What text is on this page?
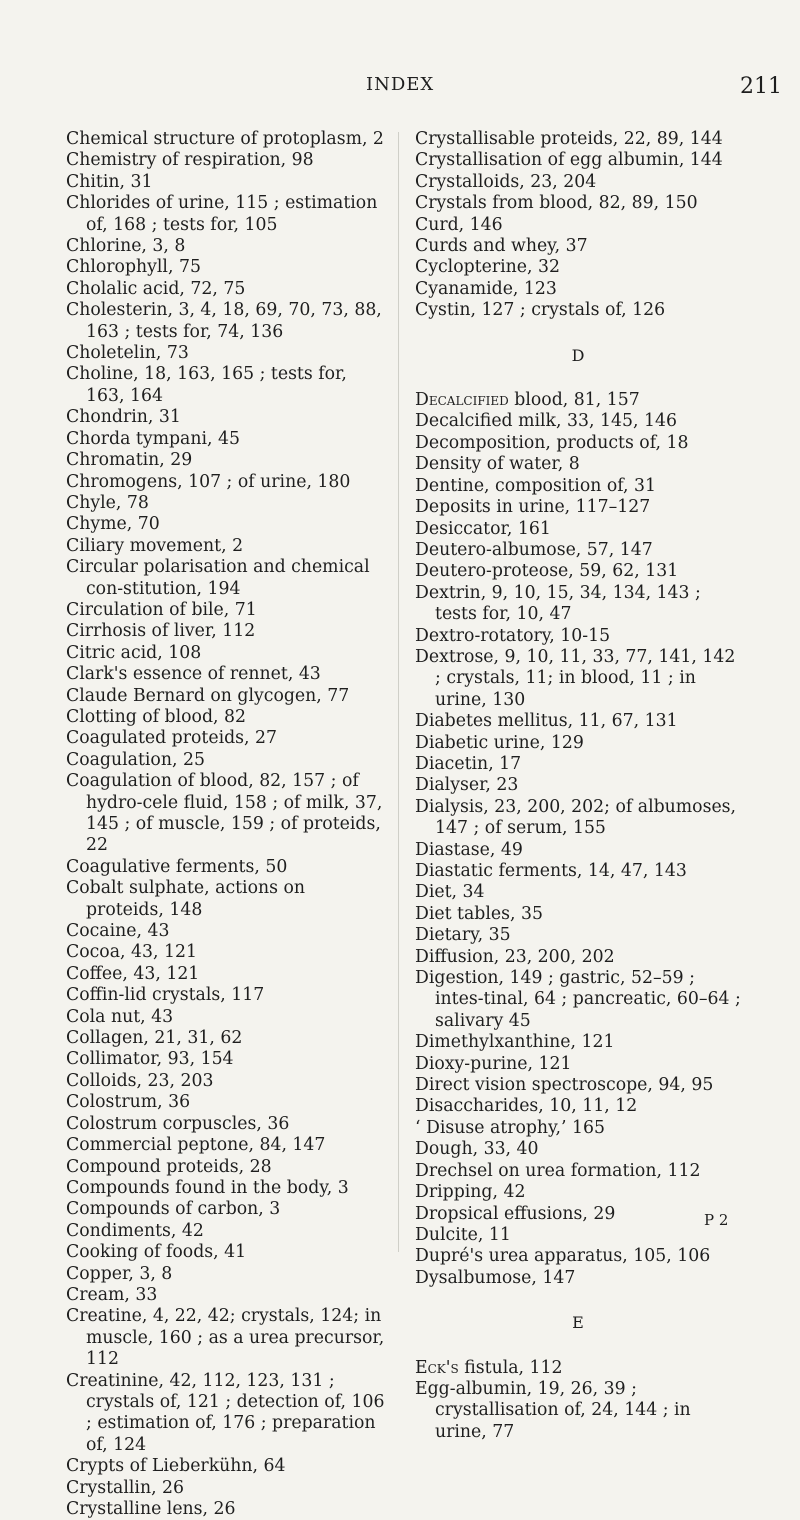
INDEX	211
Chemical structure of protoplasm, 2
Chemistry of respiration, 98
Chitin, 31
Chlorides of urine, 115 ; estimation of, 168 ; tests for, 105
Chlorine, 3, 8
Chlorophyll, 75
Cholalic acid, 72, 75
Cholesterin, 3, 4, 18, 69, 70, 73, 88, 163 ; tests for, 74, 136
Choletelin, 73
Choline, 18, 163, 165 ; tests for, 163, 164
Chondrin, 31
Chorda tympani, 45
Chromatin, 29
Chromogens, 107 ; of urine, 180
Chyle, 78
Chyme, 70
Ciliary movement, 2
Circular polarisation and chemical con-stitution, 194
Circulation of bile, 71
Cirrhosis of liver, 112
Citric acid, 108
Clark's essence of rennet, 43
Claude Bernard on glycogen, 77
Clotting of blood, 82
Coagulated proteids, 27
Coagulation, 25
Coagulation of blood, 82, 157 ; of hydro-cele fluid, 158 ; of milk, 37, 145 ; of muscle, 159 ; of proteids, 22
Coagulative ferments, 50
Cobalt sulphate, actions on proteids, 148
Cocaine, 43
Cocoa, 43, 121
Coffee, 43, 121
Coffin-lid crystals, 117
Cola nut, 43
Collagen, 21, 31, 62
Collimator, 93, 154
Colloids, 23, 203
Colostrum, 36
Colostrum corpuscles, 36
Commercial peptone, 84, 147
Compound proteids, 28
Compounds found in the body, 3
Compounds of carbon, 3
Condiments, 42
Cooking of foods, 41
Copper, 3, 8
Cream, 33
Creatine, 4, 22, 42; crystals, 124; in muscle, 160 ; as a urea precursor, 112
Creatinine, 42, 112, 123, 131 ; crystals of, 121 ; detection of, 106 ; estimation of, 176 ; preparation of, 124
Crypts of Lieberkühn, 64
Crystallin, 26
Crystalline lens, 26
Crystallisable proteids, 22, 89, 144
Crystallisation of egg albumin, 144
Crystalloids, 23, 204
Crystals from blood, 82, 89, 150
Curd, 146
Curds and whey, 37
Cyclopterine, 32
Cyanamide, 123
Cystin, 127 ; crystals of, 126
D
Decalcified blood, 81, 157
Decalcified milk, 33, 145, 146
Decomposition, products of, 18
Density of water, 8
Dentine, composition of, 31
Deposits in urine, 117–127
Desiccator, 161
Deutero-albumose, 57, 147
Deutero-proteose, 59, 62, 131
Dextrin, 9, 10, 15, 34, 134, 143 ; tests for, 10, 47
Dextro-rotatory, 10-15
Dextrose, 9, 10, 11, 33, 77, 141, 142 ; crystals, 11; in blood, 11 ; in urine, 130
Diabetes mellitus, 11, 67, 131
Diabetic urine, 129
Diacetin, 17
Dialyser, 23
Dialysis, 23, 200, 202; of albumoses, 147 ; of serum, 155
Diastase, 49
Diastatic ferments, 14, 47, 143
Diet, 34
Diet tables, 35
Dietary, 35
Diffusion, 23, 200, 202
Digestion, 149 ; gastric, 52–59 ; intes-tinal, 64 ; pancreatic, 60–64 ; salivary 45
Dimethylxanthine, 121
Dioxy-purine, 121
Direct vision spectroscope, 94, 95
Disaccharides, 10, 11, 12
‘ Disuse atrophy,’ 165
Dough, 33, 40
Drechsel on urea formation, 112
Dripping, 42
Dropsical effusions, 29
Dulcite, 11
Dupré's urea apparatus, 105, 106
Dysalbumose, 147
E
Eck's fistula, 112
Egg-albumin, 19, 26, 39 ; crystallisation of, 24, 144 ; in urine, 77
P 2
